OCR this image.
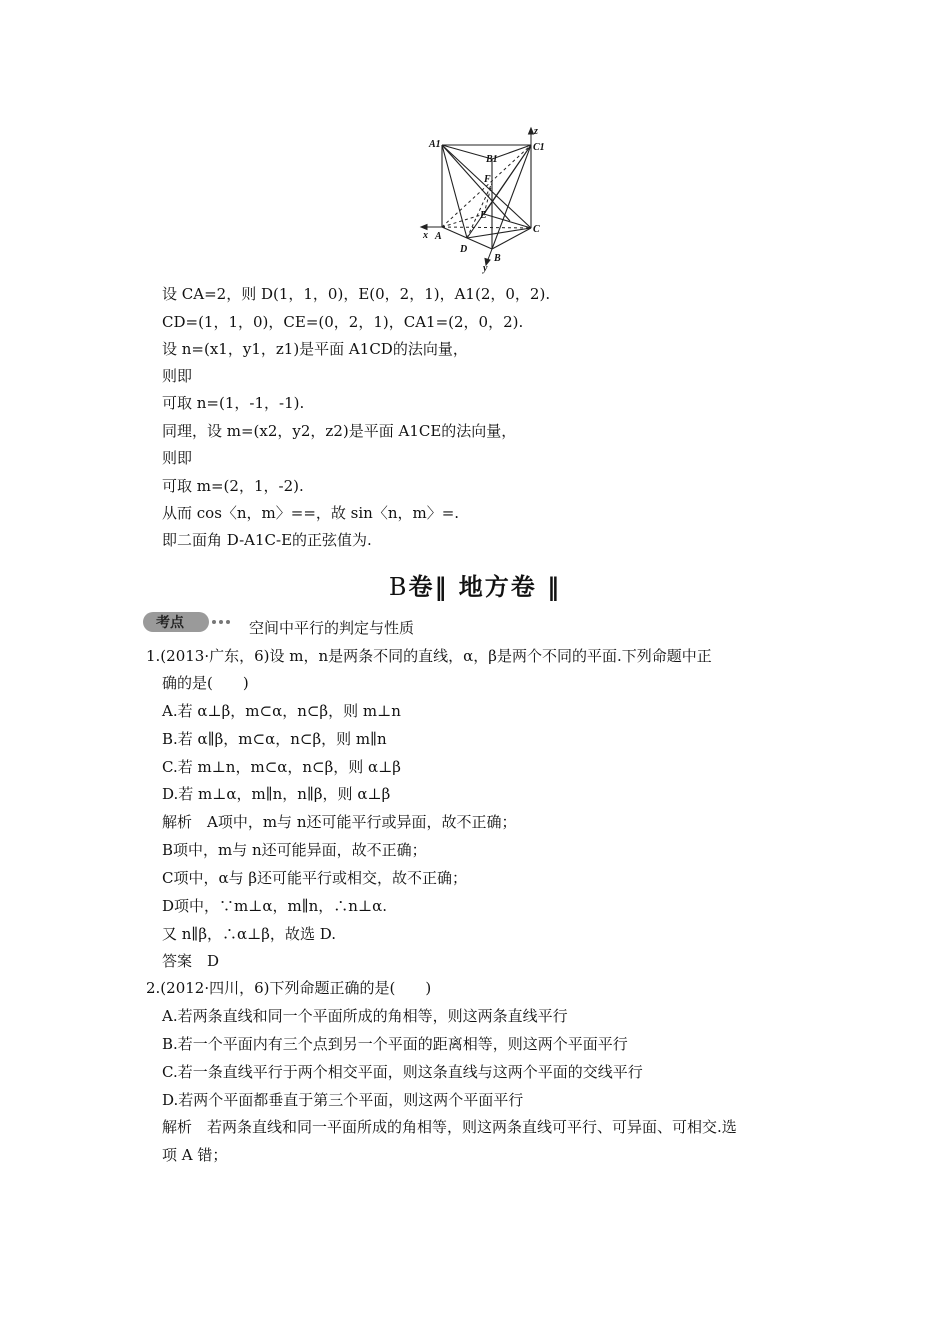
A1
B1
C1
F
E
A
D
B
C
x
y
z
设 CA=2，则 D(1，1，0)，E(0，2，1)，A1(2，0，2).
CD=(1，1，0)，CE=(0，2，1)，CA1=(2，0，2).
设 n=(x1，y1，z1)是平面 A1CD的法向量，
则即
可取 n=(1，-1，-1).
同理，设 m=(x2，y2，z2)是平面 A1CE的法向量，
则即
可取 m=(2，1，-2).
从而 cos〈n，m〉==，故 sin〈n，m〉=.
即二面角 D-A1C-E的正弦值为.
B卷‖ 地方卷 ‖
考点	空间中平行的判定与性质
1.(2013·广东，6)设 m，n是两条不同的直线，α，β是两个不同的平面.下列命题中正
确的是(　　)
A.若 α⊥β，m⊂α，n⊂β，则 m⊥n
B.若 α∥β，m⊂α，n⊂β，则 m∥n
C.若 m⊥n，m⊂α，n⊂β，则 α⊥β
D.若 m⊥α，m∥n，n∥β，则 α⊥β
解析　A项中，m与 n还可能平行或异面，故不正确；
B项中，m与 n还可能异面，故不正确；
C项中，α与 β还可能平行或相交，故不正确；
D项中，∵m⊥α，m∥n，∴n⊥α.
又 n∥β，∴α⊥β，故选 D.
答案　D
2.(2012·四川，6)下列命题正确的是(　　)
A.若两条直线和同一个平面所成的角相等，则这两条直线平行
B.若一个平面内有三个点到另一个平面的距离相等，则这两个平面平行
C.若一条直线平行于两个相交平面，则这条直线与这两个平面的交线平行
D.若两个平面都垂直于第三个平面，则这两个平面平行
解析　若两条直线和同一平面所成的角相等，则这两条直线可平行、可异面、可相交.选
项 A 错；
